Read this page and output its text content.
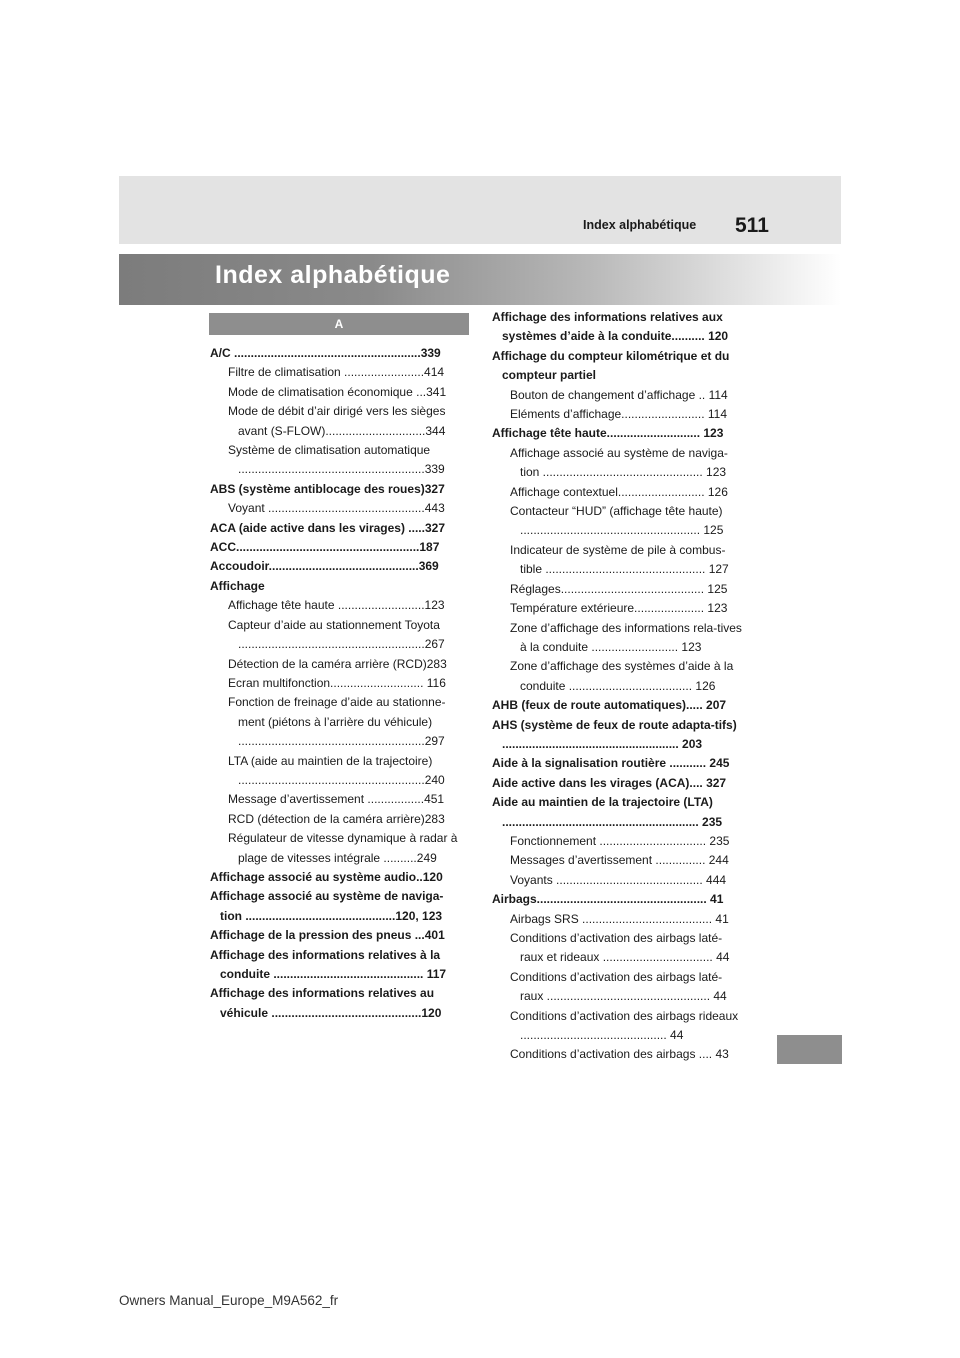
Index alphabétique 511
Index alphabétique
A
A/C ........................................................339
Filtre de climatisation ........................414
Mode de climatisation économique ...341
Mode de débit d’air dirigé vers les sièges avant (S-FLOW)..............................344
Système de climatisation automatique ........................................................339
ABS (système antiblocage des roues)327
Voyant ...............................................443
ACA (aide active dans les virages) .....327
ACC.......................................................187
Accoudoir.............................................369
Affichage
Affichage tête haute ..........................123
Capteur d’aide au stationnement Toyota ........................................................267
Détection de la caméra arrière (RCD)283
Ecran multifonction............................ 116
Fonction de freinage d’aide au stationne-ment (piétons à l’arrière du véhicule) ........................................................297
LTA (aide au maintien de la trajectoire) ........................................................240
Message d’avertissement .................451
RCD (détection de la caméra arrière)283
Régulateur de vitesse dynamique à radar à plage de vitesses intégrale ..........249
Affichage associé au système audio..120
Affichage associé au système de naviga-tion .............................................120, 123
Affichage de la pression des pneus ...401
Affichage des informations relatives à la conduite ............................................. 117
Affichage des informations relatives au véhicule .............................................120
Affichage des informations relatives aux systèmes d’aide à la conduite.......... 120
Affichage du compteur kilométrique et du compteur partiel
Bouton de changement d’affichage .. 114
Eléments d’affichage......................... 114
Affichage tête haute............................ 123
Affichage associé au système de naviga-tion ................................................ 123
Affichage contextuel.......................... 126
Contacteur “HUD” (affichage tête haute) ...................................................... 125
Indicateur de système de pile à combus-tible ................................................ 127
Réglages........................................... 125
Température extérieure..................... 123
Zone d’affichage des informations rela-tives à la conduite .......................... 123
Zone d’affichage des systèmes d’aide à la conduite ..................................... 126
AHB (feux de route automatiques)..... 207
AHS (système de feux de route adapta-tifs) ..................................................... 203
Aide à la signalisation routière ........... 245
Aide active dans les virages (ACA).... 327
Aide au maintien de la trajectoire (LTA) ........................................................... 235
Fonctionnement ................................ 235
Messages d’avertissement ............... 244
Voyants ............................................ 444
Airbags................................................... 41
Airbags SRS ....................................... 41
Conditions d’activation des airbags laté-raux et rideaux ................................. 44
Conditions d’activation des airbags laté-raux ................................................. 44
Conditions d’activation des airbags rideaux ............................................ 44
Conditions d’activation des airbags .... 43
Owners Manual_Europe_M9A562_fr
